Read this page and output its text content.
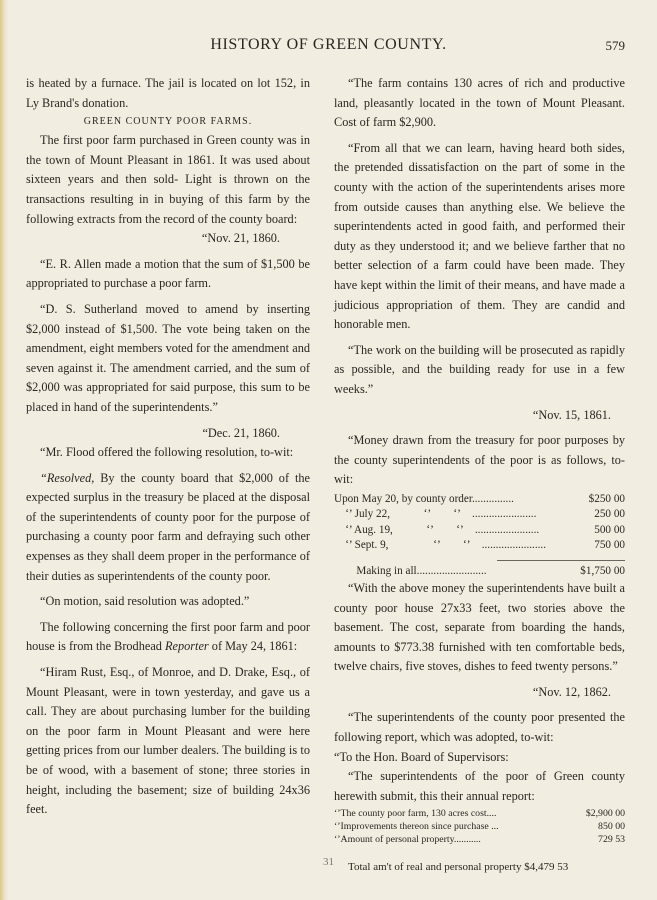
HISTORY OF GREEN COUNTY.	579

is heated by a furnace. The jail is located on lot 152, in Ly Brand's donation.

GREEN COUNTY POOR FARMS.

The first poor farm purchased in Green county was in the town of Mount Pleasant in 1861. It was used about sixteen years and then sold- Light is thrown on the transactions resulting in in buying of this farm by the following extracts from the record of the county board:

“Nov. 21, 1860.

“E. R. Allen made a motion that the sum of $1,500 be appropriated to purchase a poor farm.

“D. S. Sutherland moved to amend by inserting $2,000 instead of $1,500. The vote being taken on the amendment, eight members voted for the amendment and seven against it. The amendment carried, and the sum of $2,000 was appropriated for said purpose, this sum to be placed in hand of the superintendents.”

“Dec. 21, 1860.

“Mr. Flood offered the following resolution, to-wit:

“Resolved, By the county board that $2,000 of the expected surplus in the treasury be placed at the disposal of the superintendents of county poor for the purpose of purchasing a county poor farm and defraying such other expenses as they shall deem proper in the performance of their duties as superintendents of the county poor.

“On motion, said resolution was adopted.”

The following concerning the first poor farm and poor house is from the Brodhead Reporter of May 24, 1861:

“Hiram Rust, Esq., of Monroe, and D. Drake, Esq., of Mount Pleasant, were in town yesterday, and gave us a call. They are about purchasing lumber for the building on the poor farm in Mount Pleasant and were here getting prices from our lumber dealers. The building is to be of wood, with a basement of stone; three stories in height, including the basement; size of building 24x36 feet.

“The farm contains 130 acres of rich and productive land, pleasantly located in the town of Mount Pleasant. Cost of farm $2,900.

“From all that we can learn, having heard both sides, the pretended dissatisfaction on the part of some in the county with the action of the superintendents arises more from outside causes than anything else. We believe the superintendents acted in good faith, and performed their duty as they understood it; and we believe farther that no better selection of a farm could have been made. They have kept within the limit of their means, and have made a judicious appropriation of them. They are candid and honorable men.

“The work on the building will be prosecuted as rapidly as possible, and the building ready for use in a few weeks.”

“Nov. 15, 1861.

“Money drawn from the treasury for poor purposes by the county superintendents of the poor is as follows, to-wit:

Upon May 20, by county order...............	$250 00
 ‘’ July 22,   ‘’  ‘’ .......................	250 00
 ‘’ Aug. 19,   ‘’  ‘’ .......................	500 00
 ‘’ Sept. 9,    ‘’  ‘’ .......................	750 00
  Making in all.........................	$1,750 00

“With the above money the superintendents have built a county poor house 27x33 feet, two stories above the basement. The cost, separate from boarding the hands, amounts to $773.38 furnished with ten comfortable beds, twelve chairs, five stoves, dishes to feed twenty persons.”

“Nov. 12, 1862.

“The superintendents of the county poor presented the following report, which was adopted, to-wit:

“To the Hon. Board of Supervisors:

“The superintendents of the poor of Green county herewith submit, this their annual report:

‘’The county poor farm, 130 acres cost....	$2,900 00
‘’Improvements thereon since purchase ...	850 00
‘’Amount of personal property...........	729 53
Total am't of real and personal property $4,479 53
31
